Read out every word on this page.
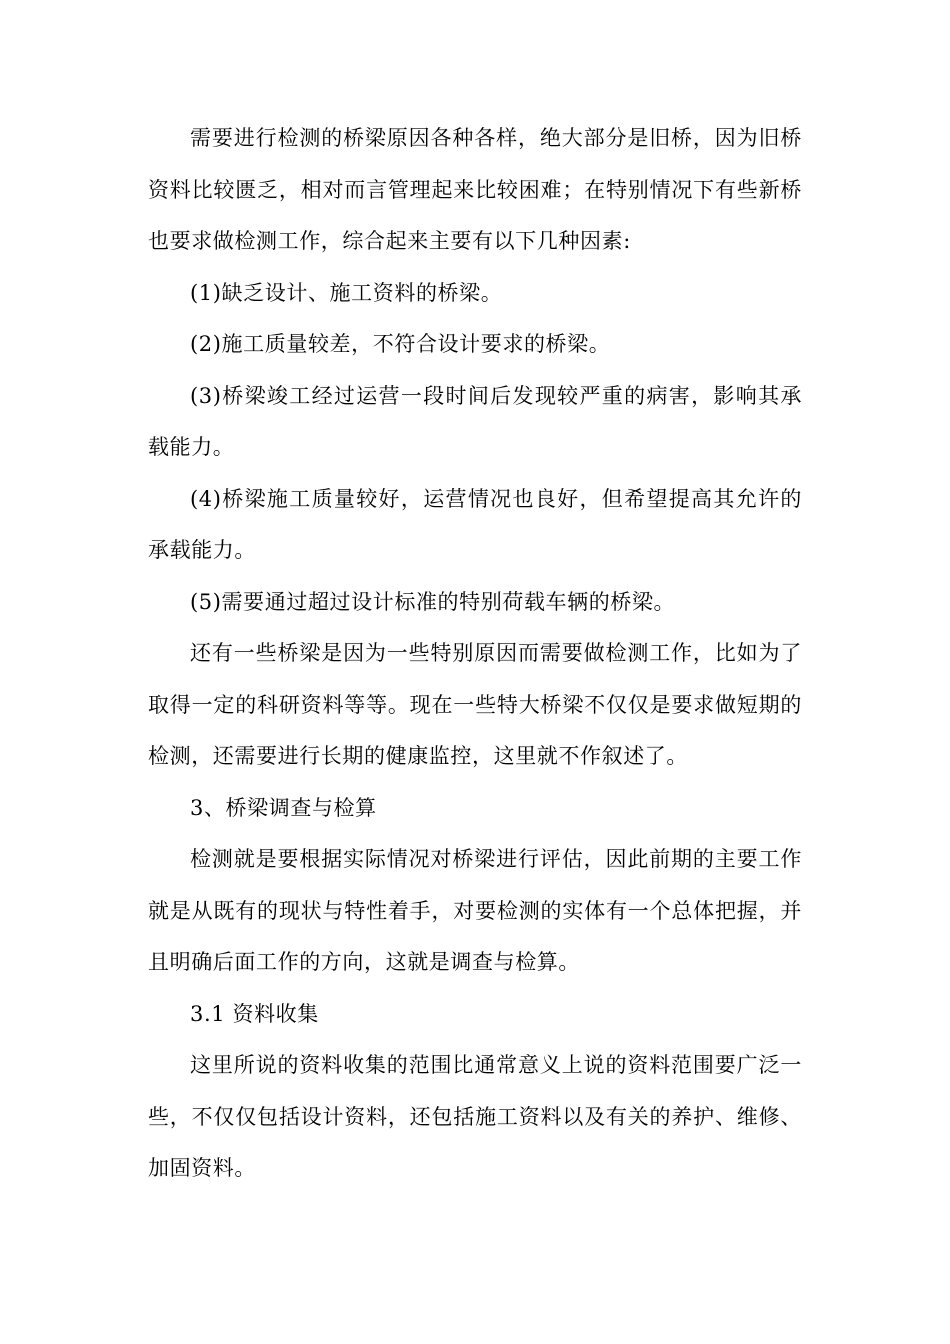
需要进行检测的桥梁原因各种各样，绝大部分是旧桥，因为旧桥资料比较匮乏，相对而言管理起来比较困难；在特别情况下有些新桥也要求做检测工作，综合起来主要有以下几种因素:

(1)缺乏设计、施工资料的桥梁。

(2)施工质量较差，不符合设计要求的桥梁。

(3)桥梁竣工经过运营一段时间后发现较严重的病害，影响其承载能力。

(4)桥梁施工质量较好，运营情况也良好，但希望提高其允许的承载能力。

(5)需要通过超过设计标准的特别荷载车辆的桥梁。

还有一些桥梁是因为一些特别原因而需要做检测工作，比如为了取得一定的科研资料等等。现在一些特大桥梁不仅仅是要求做短期的检测，还需要进行长期的健康监控，这里就不作叙述了。

3、桥梁调查与检算

检测就是要根据实际情况对桥梁进行评估，因此前期的主要工作就是从既有的现状与特性着手，对要检测的实体有一个总体把握，并且明确后面工作的方向，这就是调查与检算。

3.1 资料收集

这里所说的资料收集的范围比通常意义上说的资料范围要广泛一些，不仅仅包括设计资料，还包括施工资料以及有关的养护、维修、加固资料。
